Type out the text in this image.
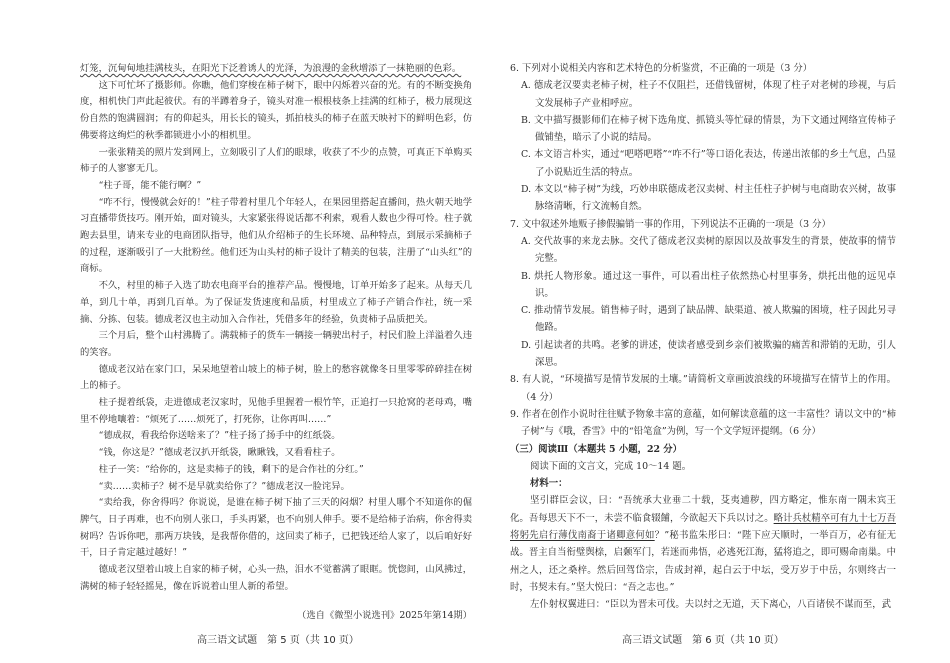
灯笼，沉甸甸地挂满枝头，在阳光下泛着诱人的光泽，为浪漫的金秋增添了一抹艳丽的色彩。

这下可忙坏了摄影师。你瞧，他们穿梭在柿子树下，眼中闪烁着兴奋的光。有的不断变换角度，相机快门声此起彼伏。有的半蹲着身子，镜头对准一根根枝条上挂满的红柿子，极力展现这份自然的饱满圆润；有的仰起头，用长长的镜头，抓拍枝头的柿子在蓝天映衬下的鲜明色彩，仿佛要将这绚烂的秋季都锁进小小的相机里。

一张张精美的照片发到网上，立刻吸引了人们的眼球，收获了不少的点赞，可真正下单购买柿子的人寥寥无几。

“柱子哥，能不能行啊？”

“咋不行，慢慢就会好的！”柱子带着村里几个年轻人，在果园里搭起直播间，热火朝天地学习直播带货技巧。刚开始，面对镜头，大家紧张得说话都不利索，观看人数也少得可怜。柱子就跑去县里，请来专业的电商团队指导，他们从介绍柿子的生长环境、品种特点，到展示采摘柿子的过程，逐渐吸引了一大批粉丝。他们还为山头村的柿子设计了精美的包装，注册了“山头红”的商标。

不久，村里的柿子入选了助农电商平台的推荐产品。慢慢地，订单开始多了起来。从每天几单，到几十单，再到几百单。为了保证发货速度和品质，村里成立了柿子产销合作社，统一采摘、分拣、包装。德成老汉也主动加入合作社，凭借多年的经验，负责柿子品质把关。

三个月后，整个山村沸腾了。满载柿子的货车一辆接一辆驶出村子，村民们脸上洋溢着久违的笑容。

德成老汉站在家门口，呆呆地望着山坡上的柿子树，脸上的愁容就像冬日里零零碎碎挂在树上的柿子。

柱子提着纸袋，走进德成老汉家时，见他手里握着一根竹竿，正追打一只抢窝的老母鸡，嘴里不停地嚷着：“烦死了……烦死了，打死你，让你再叫……”

“德成叔，看我给你送啥来了？”柱子扬了扬手中的红纸袋。

“钱，你这是？”德成老汉扒开纸袋，瞅瞅钱，又看看柱子。

柱子一笑：“给你的，这是卖柿子的钱，剩下的是合作社的分红。”

“卖……卖柿子？树不是早就卖给你了？”德成老汉一脸诧异。

“卖给我，你舍得吗？你说说，是谁在柿子树下抽了三天的闷烟？村里人哪个不知道你的倔脾气，日子再难，也不向别人张口，手头再紧，也不向别人伸手。要不是给柿子治病，你舍得卖树吗？告诉你吧，那两万块钱，是我帮你借的，这回卖了柿子，已把钱还给人家了，以后咱好好干，日子肯定越过越好！”

德成老汉望着山坡上自家的柿子树，心头一热，泪水不觉蓄满了眼眶。恍惚间，山风拂过，满树的柿子轻轻摇晃，像在诉说着山里人新的希望。

（选自《微型小说选刊》2025年第14期）
高三语文试题　第 5 页（共 10 页）

6. 下列对小说相关内容和艺术特色的分析鉴赏，不正确的一项是（3 分）

A. 德成老汉要卖老柿子树，柱子不仅阻拦，还借钱留树，体现了柱子对老树的珍视，与后文发展柿子产业相呼应。

B. 文中描写摄影师们在柿子树下选角度、抓镜头等忙碌的情景，为下文通过网络宣传柿子做铺垫，暗示了小说的结局。

C. 本文语言朴实，通过“吧嗒吧嗒”“咋不行”等口语化表达，传递出浓郁的乡土气息，凸显了小说贴近生活的特点。

D. 本文以“柿子树”为线，巧妙串联德成老汉卖树、村主任柱子护树与电商助农兴树，故事脉络清晰，行文流畅自然。

7. 文中叙述外地贩子掺假骗销一事的作用，下列说法不正确的一项是（3 分）

A. 交代故事的来龙去脉。交代了德成老汉卖树的原因以及故事发生的背景，使故事的情节完整。

B. 烘托人物形象。通过这一事件，可以看出柱子依然热心村里事务，烘托出他的远见卓识。

C. 推动情节发展。销售柿子时，遇到了缺品牌、缺渠道、被人欺骗的困境，柱子因此另寻他路。

D. 引起读者的共鸣。老爹的讲述，使读者感受到乡亲们被欺骗的痛苦和滞销的无助，引人深思。

8. 有人说，“环境描写是情节发展的土壤。”请简析文章画波浪线的环境描写在情节上的作用。（4 分）

9. 作者在创作小说时往往赋予物象丰富的意蕴，如何解读意蕴的这一丰富性？请以文中的“柿子树”与《哦，香雪》中的“铅笔盒”为例，写一个文学短评提纲。（6 分）

（三）阅读Ⅲ（本题共 5 小题，22 分）

阅读下面的文言文，完成 10～14 题。

材料一：

坚引群臣会议，曰：“吾统承大业垂二十载，芟夷逋秽，四方略定，惟东南一隅未宾王化。吾每思天下不一，未尝不临食辍餔，今欲起天下兵以讨之。略计兵杖精卒可有九十七万吾将躬先启行薄伐南裔于诸卿意何如？”秘书监朱彤曰：“陛下应天顺时，一举百万，必有征无战。晋主自当衔璧舆榇，启颡军门，若迷而弗悟，必逃死江海，猛将追之，即可赐命南巢。中州之人，还之桑梓。然后回驾岱宗，告成封禅，起白云于中坛，受万岁于中岳，尔则终古一时，书契未有。”坚大悦曰：“吾之志也。”

左仆射权翼进曰：“臣以为晋未可伐。夫以纣之无道，天下离心，八百诸侯不谋而至，武

高三语文试题　第 6 页（共 10 页）
